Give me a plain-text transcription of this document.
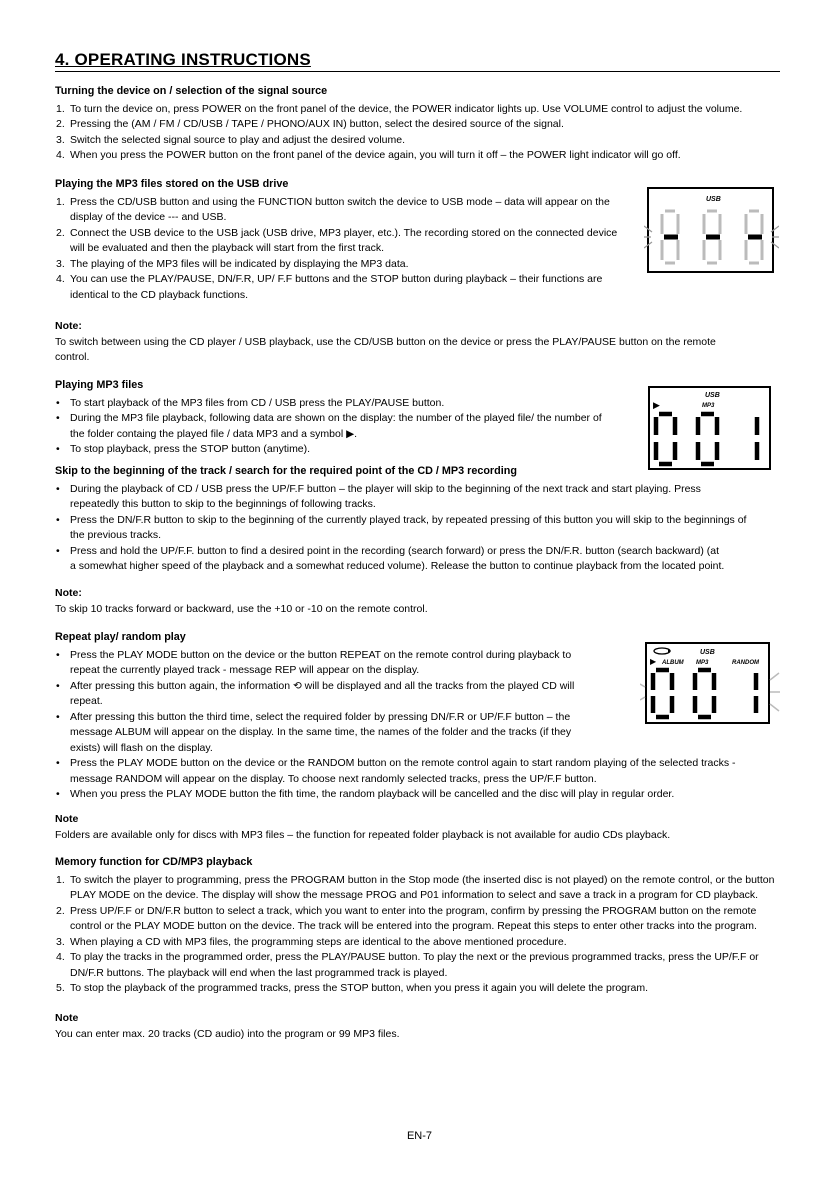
4. OPERATING INSTRUCTIONS

Turning the device on / selection of the signal source

1. To turn the device on, press POWER on the front panel of the device, the POWER indicator lights up. Use VOLUME control to adjust the volume.

2. Pressing the (AM / FM / CD/USB / TAPE / PHONO/AUX IN) button, select the desired source of the signal.

3. Switch the selected signal source to play and adjust the desired volume.

4. When you press the POWER button on the front panel of the device again, you will turn it off – the POWER light indicator will go off.

Playing the MP3 files stored on the USB drive

1. Press the CD/USB button and using the FUNCTION button switch the device to USB mode – data will appear on the
display of the device --- and USB.

2. Connect the USB device to the USB jack (USB drive, MP3 player, etc.). The recording stored on the connected device
will be evaluated and then the playback will start from the first track.

3. The playing of the MP3 files will be indicated by displaying the MP3 data.

4. You can use the PLAY/PAUSE, DN/F.R, UP/ F.F buttons and the STOP button during playback – their functions are
identical to the CD playback functions.

Note:

To switch between using the CD player / USB playback, use the CD/USB button on the device or press the PLAY/PAUSE button on the remote

control.

Playing MP3 files

• To start playback of the MP3 files from CD / USB press the PLAY/PAUSE button.

• During the MP3 file playback, following data are shown on the display: the number of the played file/ the number of
the folder containg the played file / data MP3 and a symbol ▶.

• To stop playback, press the STOP button (anytime).

Skip to the beginning of the track / search for the required point of the CD / MP3 recording

• During the playback of CD / USB press the UP/F.F button – the player will skip to the beginning of the next track and start playing. Press
repeatedly this button to skip to the beginnings of following tracks.

• Press the DN/F.R button to skip to the beginning of the currently played track, by repeated pressing of this button you will skip to the beginnings of
the previous tracks.

• Press and hold the UP/F.F. button to find a desired point in the recording (search forward) or press the DN/F.R. button (search backward) (at
a somewhat higher speed of the playback and a somewhat reduced volume). Release the button to continue playback from the located point.

Note:

To skip 10 tracks forward or backward, use the +10 or -10 on the remote control.

Repeat play/ random play

• Press the PLAY MODE button on the device or the button REPEAT on the remote control during playback to
repeat the currently played track - message REP will appear on the display.

• After pressing this button again, the information ⟲ will be displayed and all the tracks from the played CD will
repeat.

• After pressing this button the third time, select the required folder by pressing DN/F.R or UP/F.F button – the
message ALBUM will appear on the display. In the same time, the names of the folder and the tracks (if they
exists) will flash on the display.

• Press the PLAY MODE button on the device or the RANDOM button on the remote control again to start random playing of the selected tracks -
message RANDOM will appear on the display. To choose next randomly selected tracks, press the UP/F.F button.

• When you press the PLAY MODE button the fith time, the random playback will be cancelled and the disc will play in regular order.

Note

Folders are available only for discs with MP3 files – the function for repeated folder playback is not available for audio CDs playback.

Memory function for CD/MP3 playback

1. To switch the player to programming, press the PROGRAM button in the Stop mode (the inserted disc is not played) on the remote control, or the button
PLAY MODE on the device. The display will show the message PROG and P01 information to select and save a track in a program for CD playback.

2. Press UP/F.F or DN/F.R button to select a track, which you want to enter into the program, confirm by pressing the PROGRAM button on the remote
control or the PLAY MODE button on the device. The track will be entered into the program. Repeat this steps to enter other tracks into the program.

3. When playing a CD with MP3 files, the programming steps are identical to the above mentioned procedure.

4. To play the tracks in the programmed order, press the PLAY/PAUSE button. To play the next or the previous programmed tracks, press the UP/F.F or
DN/F.R buttons. The playback will end when the last programmed track is played.

5. To stop the playback of the programmed tracks, press the STOP button, when you press it again you will delete the program.

Note

You can enter max. 20 tracks (CD audio) into the program or 99 MP3 files.

USB
USB
MP3
▶
USB
▶ ALBUM MP3	RANDOM
EN-7
